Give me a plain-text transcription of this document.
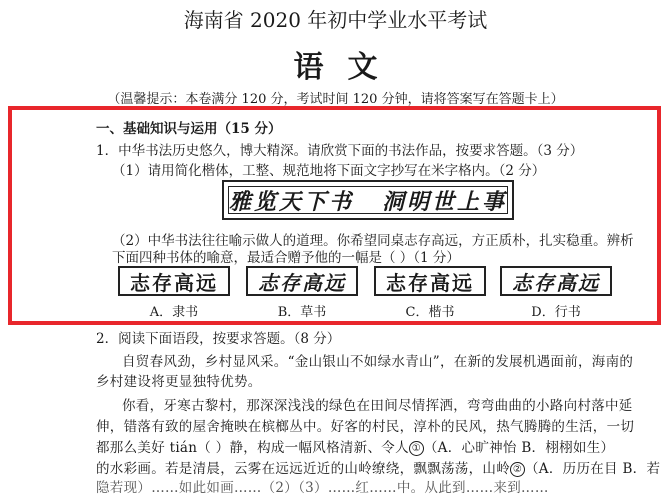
海南省 2020 年初中学业水平考试
语文
（温馨提示：本卷满分 120 分，考试时间 120 分钟，请将答案写在答题卡上）
一、基础知识与运用（15 分）
1．中华书法历史悠久，博大精深。请欣赏下面的书法作品，按要求答题。（3 分）
（1）请用简化楷体，工整、规范地将下面文字抄写在米字格内。（2 分）
雅览天下书 洞明世上事
（2）中华书法往往喻示做人的道理。你希望同桌志存高远，方正质朴，扎实稳重。辨析
下面四种书体的喻意，最适合赠予他的一幅是（ ）（1 分）
志存高远	志存高远	志存高远	志存高远
A．隶书	B．草书	C．楷书	D．行书
2．阅读下面语段，按要求答题。（8 分）
自贸春风劲，乡村显风采。“金山银山不如绿水青山”，在新的发展机遇面前，海南的
乡村建设将更显独特优势。
你看，牙寒古黎村，那深深浅浅的绿色在田间尽情挥洒，弯弯曲曲的小路向村落中延
伸，错落有致的屋舍掩映在槟榔丛中。好客的村民，淳朴的民风，热气腾腾的生活，一切
都那么美好 tián（ ）静，构成一幅风格清新、令人 ① （A．心旷神怡 B．栩栩如生）
的水彩画。若是清晨，云雾在远远近近的山岭缭绕，飘飘荡荡，山岭 ② （A．历历在目 B．若
隐若现）……如此如画……（2）（3）……红……中。从此到……来到……
